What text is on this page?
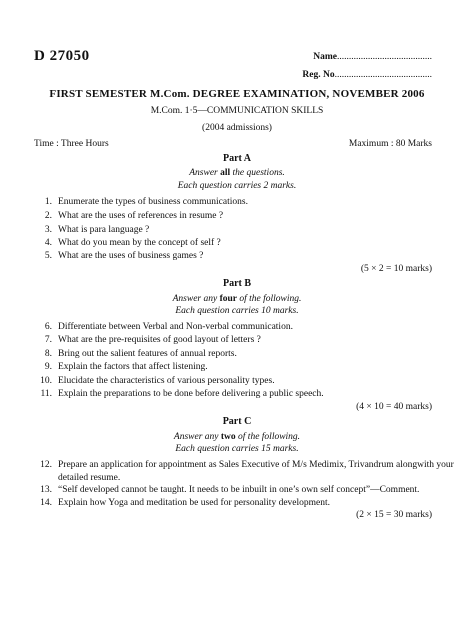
D 27050	Name........................................
Reg. No.........................................
FIRST SEMESTER M.Com. DEGREE EXAMINATION, NOVEMBER 2006
M.Com. 1·5—COMMUNICATION SKILLS
(2004 admissions)
Time : Three Hours	Maximum : 80 Marks
Part A
Answer all the questions.
Each question carries 2 marks.
1. Enumerate the types of business communications.
2. What are the uses of references in resume ?
3. What is para language ?
4. What do you mean by the concept of self ?
5. What are the uses of business games ?
(5 × 2 = 10 marks)
Part B
Answer any four of the following.
Each question carries 10 marks.
6. Differentiate between Verbal and Non-verbal communication.
7. What are the pre-requisites of good layout of letters ?
8. Bring out the salient features of annual reports.
9. Explain the factors that affect listening.
10. Elucidate the characteristics of various personality types.
11. Explain the preparations to be done before delivering a public speech.
(4 × 10 = 40 marks)
Part C
Answer any two of the following.
Each question carries 15 marks.
12. Prepare an application for appointment as Sales Executive of M/s Medimix, Trivandrum alongwith your detailed resume.
13. “Self developed cannot be taught. It needs to be inbuilt in one’s own self concept”—Comment.
14. Explain how Yoga and meditation be used for personality development.
(2 × 15 = 30 marks)
